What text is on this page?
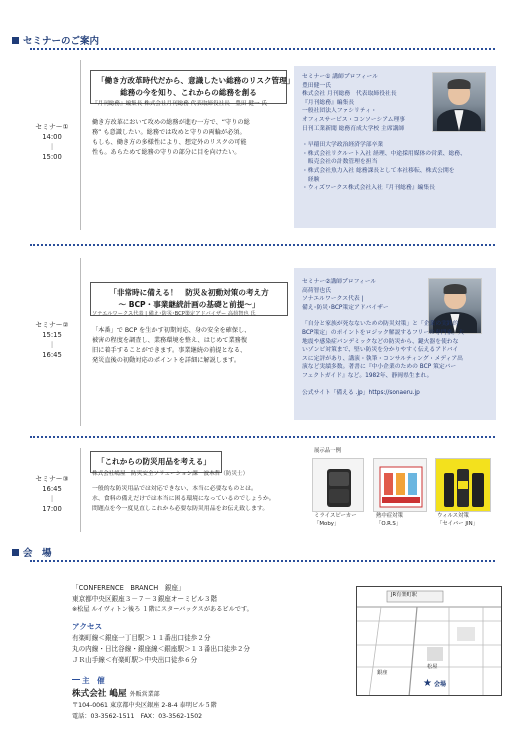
セミナーのご案内
セミナー①
14:00
｜
15:00
「働き方改革時代だから、意識したい総務のリスク管理」
総務の今を知り、これからの総務を創る
『月刊総務』編集長 株式会社月刊総務 代表取締役社長　豊田 健一 氏
働き方改革において攻めの総務が進む一方で、“守りの総
務” も意識したい。総務では攻めと守りの両輪が必須。
もしも、働き方の多様性により、想定外のリスクの可能
性も。あらためて総務の守りの部分に目を向けたい。
セミナー① 講師プロフィール
豊田健一氏
株式会社 月刊総務　代表取締役社長
『月刊総務』編集長
一般社団法人ファシリティ・
オフィスサービス・コンソーシアム理事
日刊工業新聞 総務育成大学校 主席講師
・早稲田大学政治経済学部卒業
・株式会社リクルート入社 経理、中途採用媒体の営業、総務、
　販売会社の計数管理を担当
・株式会社魚力入社 総務課長として本社移転、株式公開を
　経験
・ウィズワークス株式会社入社『月刊総務』編集長
セミナー②
15:15
｜
16:45
「非常時に備える！　防災＆初動対策の考え方
～ BCP・事業継続計画の基礎と前提～」
ソナエルワークス代表 | 備え･防災･BCP策定アドバイザー 高荷智也 氏
「本番」で BCP を生かす初期対応、身の安全を確保し、
被害の程度を調査し、業務環境を整え、はじめて業務復
旧に着手することができます。事業継続の前提となる、
発災直後の初動対応のポイントを詳細に解説します。
セミナー②講師プロフィール
高荷智也氏
ソナエルワークス代表 |
備え･防災･BCP策定アドバイザー
「自分と家族が死なないための防災対策」と「企業の実践的
BCP策定」のポイントをロジック解説するフリーの専門家。大
地震や感染症パンデミックなどの防災から、鍵火器を使わな
いゾンビ対策まで、堅い防災を分かりやすく伝えるアドバイ
スに定評があり、講演・執筆・コンサルティング・メディア出
演など実績多数。著書に『中小企業のための BCP 策定パー
フェクトガイド』など。1982年、静岡県生まれ。
公式サイト「備える .jp」https://sonaeru.jp
セミナー③
16:45
｜
17:00
「これからの防災用品を考える」
株式会社嶋屋　防災安全ソリューション課　波木哲（防災士）
一般的な防災用品では対応できない、本当に必要なものとは。
水、食料の備えだけでは本当に困る環境になっているのでしょうか。
問題点を今一度見直しこれから必要な防災用品をお伝え致します。
展示品一例
ミライスピーカー
「Moby」
熱中症対策
「O.R.S」
ウィルス対策
「セイバー JIN」
会　場
「CONFERENCE　BRANCH　銀座」
東京都中央区銀座３－７－３銀座オーミビル３階
※松屋 ルイヴィトン後ろ １階にスターバックスがあるビルです。
アクセス
有楽町線＜銀座一丁目駅＞１１番出口徒歩２分
丸の内線・日比谷線・銀座線＜銀座駅＞１３番出口徒歩２分
ＪＲ山手線＜有楽町駅＞中央出口徒歩６分
主　催
株式会社 嶋屋 外販営業部
〒104-0061 東京都中央区銀座 2-8-4 泰明ビル５階
電話：03-3562-1511　FAX：03-3562-1502
★
JR有楽町駅
銀座
松屋
会場
